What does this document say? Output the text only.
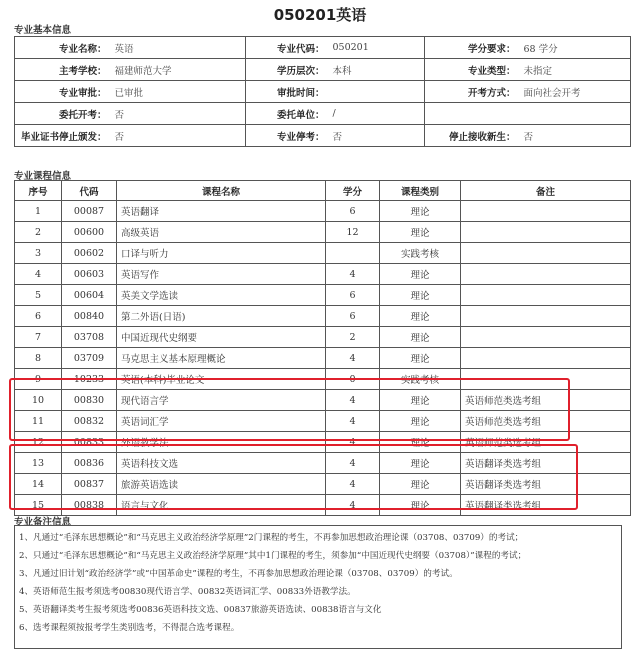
050201英语
专业基本信息
专业名称：	英语	专业代码：	050201	学分要求：	68 学分
主考学校：	福建师范大学	学历层次：	本科	专业类型：	未指定
专业审批：	已审批	审批时间：		开考方式：	面向社会开考
委托开考：	否	委托单位：	/		
毕业证书停止颁发：	否	专业停考：	否	停止接收新生：	否
专业课程信息
序号	代码	课程名称	学分	课程类别	备注
1	00087	英语翻译	6	理论	
2	00600	高级英语	12	理论	
3	00602	口译与听力		实践考核	
4	00603	英语写作	4	理论	
5	00604	英美文学选读	6	理论	
6	00840	第二外语(日语)	6	理论	
7	03708	中国近现代史纲要	2	理论	
8	03709	马克思主义基本原理概论	4	理论	
9	10233	英语(本科)毕业论文	0	实践考核	
10	00830	现代语言学	4	理论	英语师范类选考组
11	00832	英语词汇学	4	理论	英语师范类选考组
12	00833	外语教学法	4	理论	英语师范类选考组
13	00836	英语科技文选	4	理论	英语翻译类选考组
14	00837	旅游英语选读	4	理论	英语翻译类选考组
15	00838	语言与文化	4	理论	英语翻译类选考组
专业备注信息
1、凡通过“毛泽东思想概论”和“马克思主义政治经济学原理”2门课程的考生，不再参加思想政治理论课（03708、03709）的考试；
2、只通过“毛泽东思想概论”和“马克思主义政治经济学原理”其中1门课程的考生，须参加“中国近现代史纲要（03708）”课程的考试；
3、凡通过旧计划“政治经济学”或“中国革命史”课程的考生，不再参加思想政治理论课（03708、03709）的考试。
4、英语师范生报考须选考00830现代语言学、00832英语词汇学、00833外语教学法。
5、英语翻译类考生报考须选考00836英语科技文选、00837旅游英语选读、00838语言与文化
6、选考课程须按报考学生类别选考，不得混合选考课程。
